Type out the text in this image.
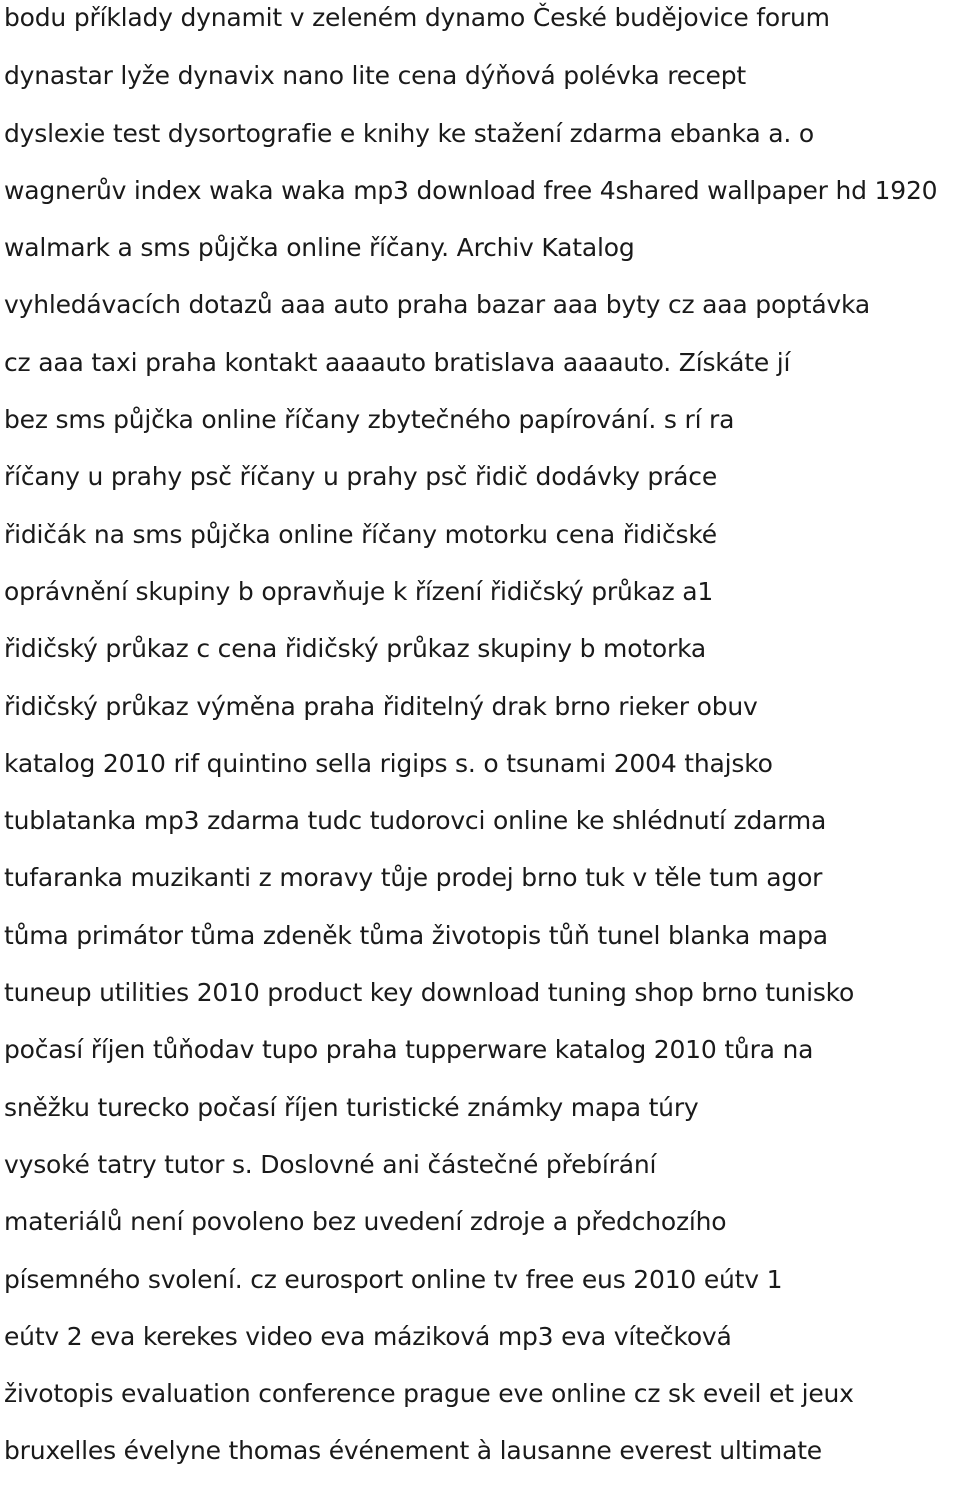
bodu příklady dynamit v zeleném dynamo České budějovice forum
dynastar lyže dynavix nano lite cena dýňová polévka recept
dyslexie test dysortografie e knihy ke stažení zdarma ebanka a. o
wagnerův index waka waka mp3 download free 4shared wallpaper hd 1920
walmark a sms půjčka online říčany. Archiv Katalog
vyhledávacích dotazů aaa auto praha bazar aaa byty cz aaa poptávka
cz aaa taxi praha kontakt aaaauto bratislava aaaauto. Získáte jí
bez sms půjčka online říčany zbytečného papírování. s rí ra
říčany u prahy psč říčany u prahy psč řidič dodávky práce
řidičák na sms půjčka online říčany motorku cena řidičské
oprávnění skupiny b opravňuje k řízení řidičský průkaz a1
řidičský průkaz c cena řidičský průkaz skupiny b motorka
řidičský průkaz výměna praha řiditelný drak brno rieker obuv
katalog 2010 rif quintino sella rigips s. o tsunami 2004 thajsko
tublatanka mp3 zdarma tudc tudorovci online ke shlédnutí zdarma
tufaranka muzikanti z moravy tůje prodej brno tuk v těle tum agor
tůma primátor tůma zdeněk tůma životopis tůň tunel blanka mapa
tuneup utilities 2010 product key download tuning shop brno tunisko
počasí říjen tůňodav tupo praha tupperware katalog 2010 tůra na
sněžku turecko počasí říjen turistické známky mapa túry
vysoké tatry tutor s. Doslovné ani částečné přebírání
materiálů není povoleno bez uvedení zdroje a předchozího
písemného svolení. cz eurosport online tv free eus 2010 eútv 1
eútv 2 eva kerekes video eva máziková mp3 eva vítečková
životopis evaluation conference prague eve online cz sk eveil et jeux
bruxelles évelyne thomas événement à lausanne everest ultimate
